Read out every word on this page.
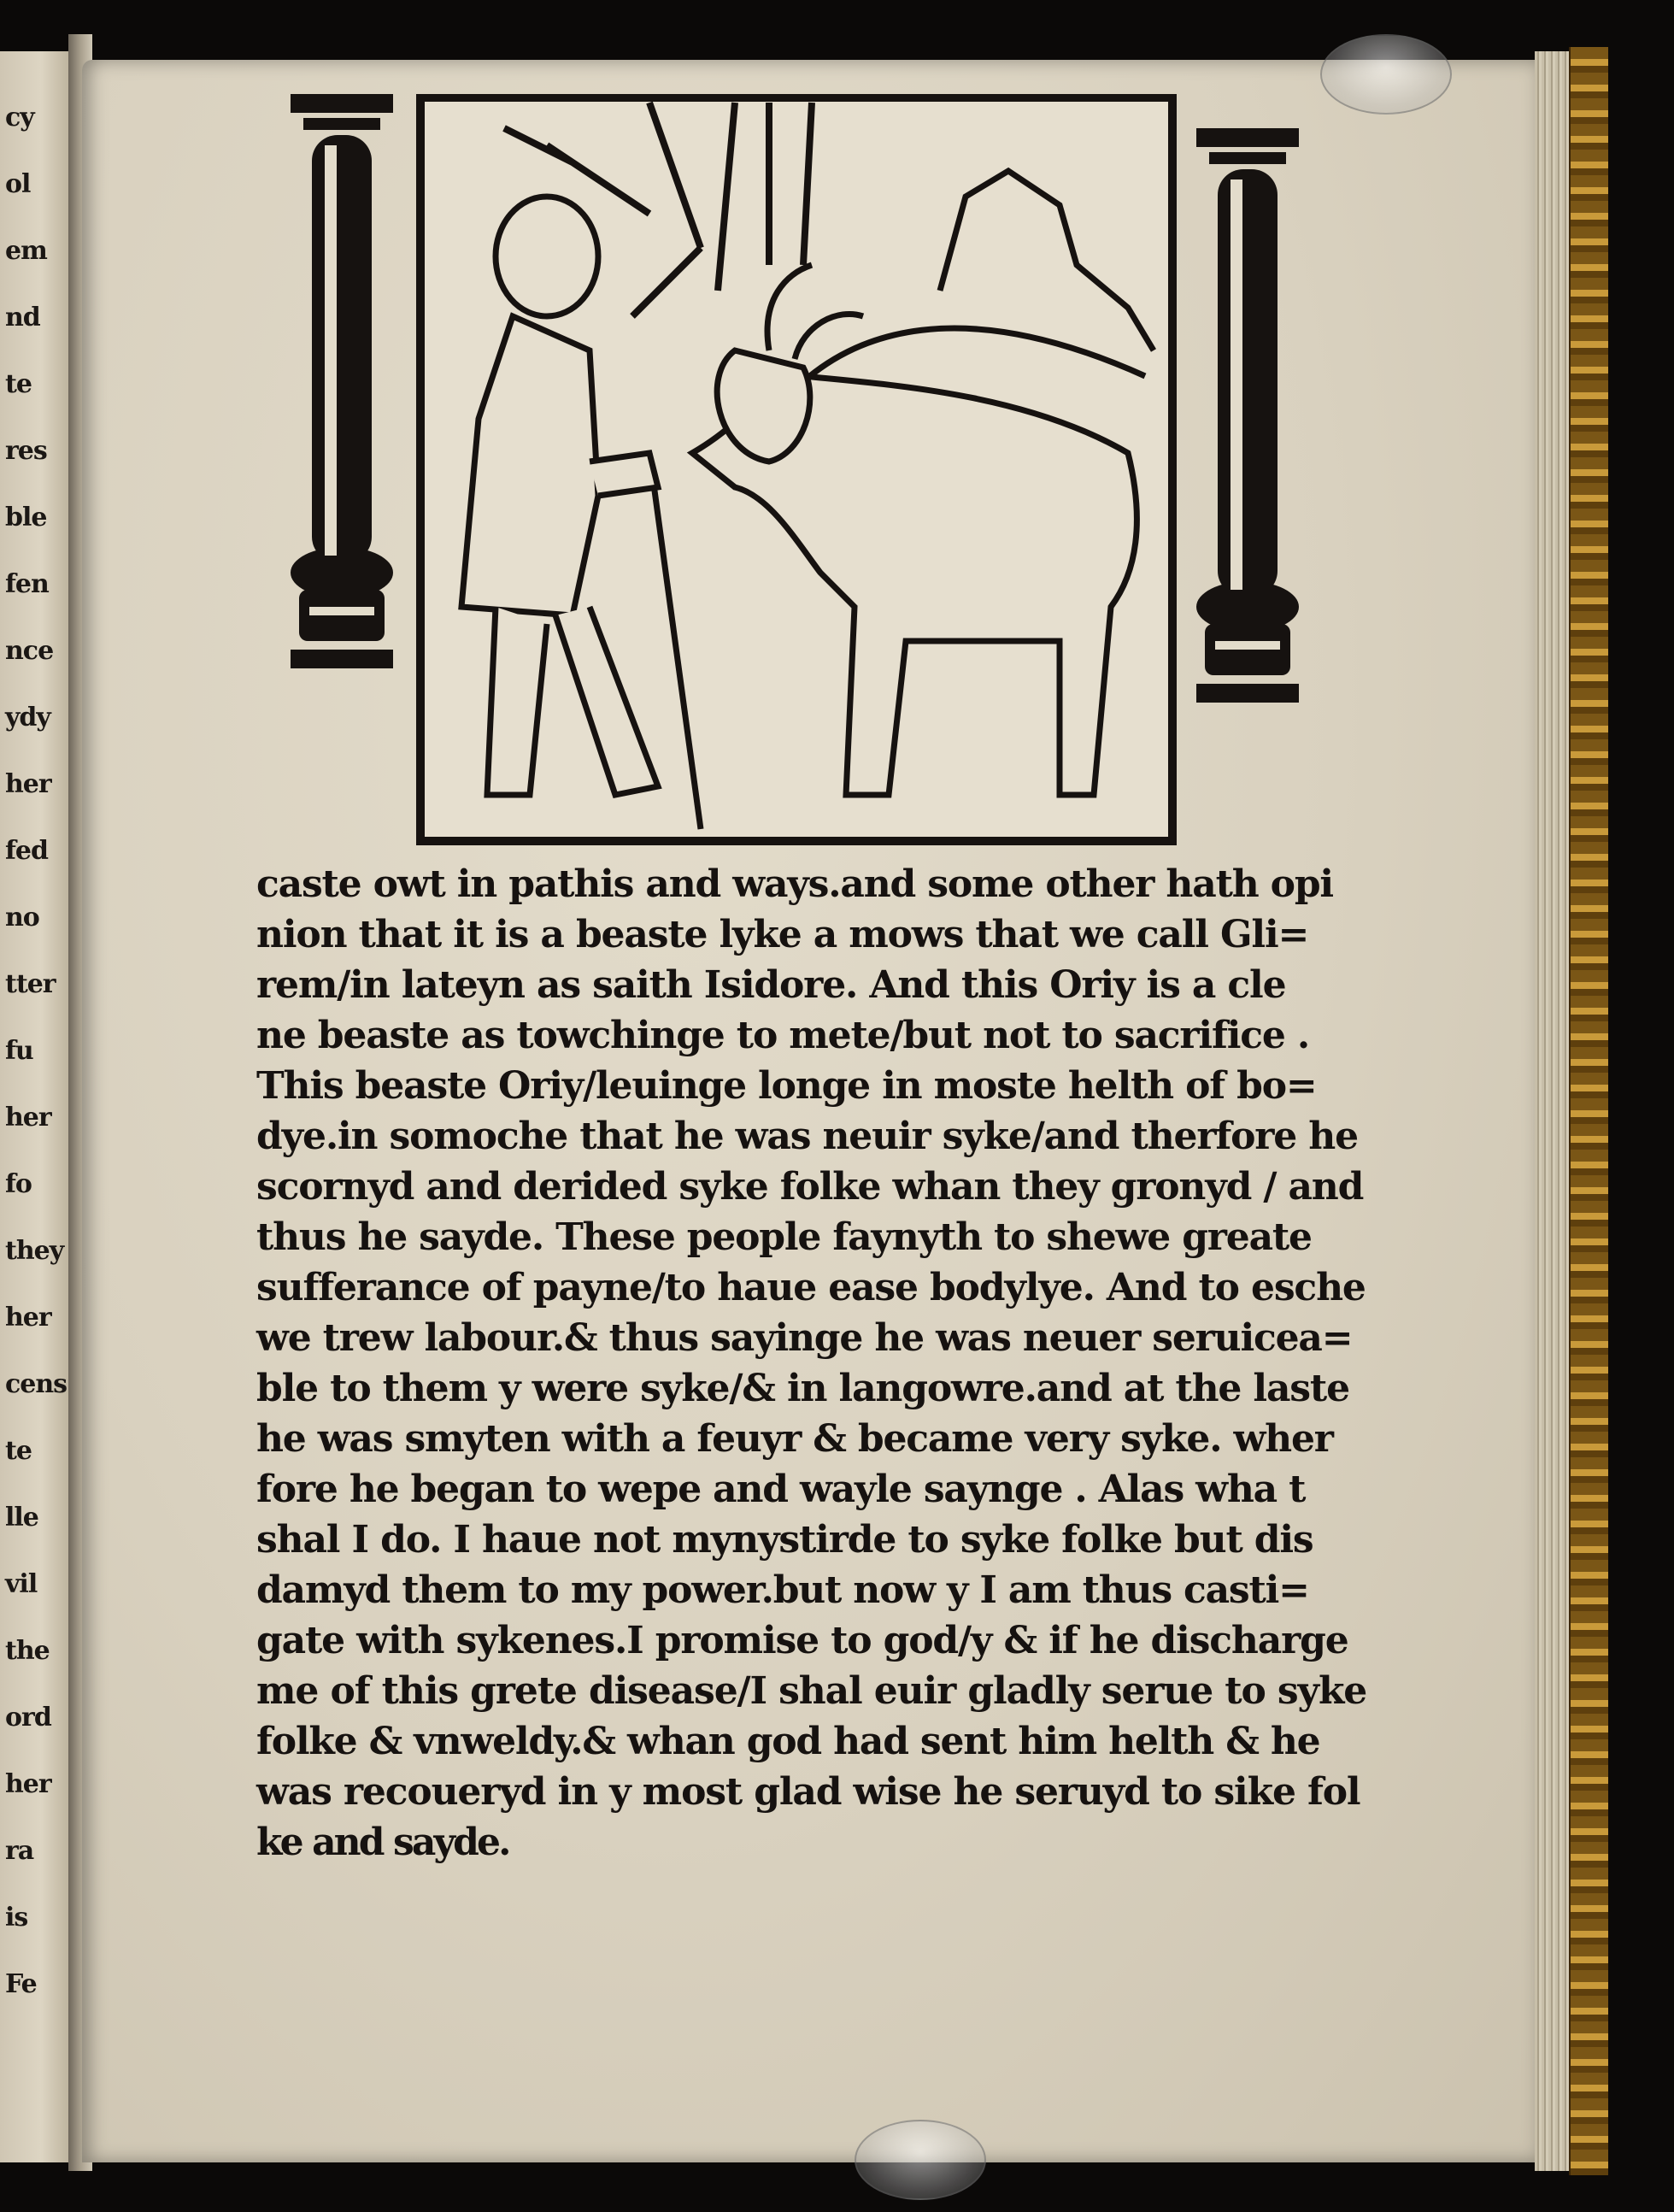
cy
ol
em
nd
te
res
ble
fen
nce
ydy
her
fed
no
tter
fu
her
fo
they
her
cens
te
lle
vil
the
ord
her
ra
is
Fe
caste owt in pathis and ways.and some other hath opi
nion that it is a beaste lyke a mows that we call Gli=
rem/in lateyn as saith Isidore. And this Oriy is a cle
ne beaste as towchinge to mete/but not to sacrifice .
This beaste Oriy/leuinge longe in moste helth of bo=
dye.in somoche that he was neuir syke/and therfore he
scornyd and derided syke folke whan they gronyd / and
thus he sayde. These people faynyth to shewe greate
sufferance of payne/to haue ease bodylye. And to esche
we trew labour.& thus sayinge he was neuer seruicea=
ble to them y were syke/& in langowre.and at the laste
he was smyten with a feuyr & became very syke. wher
fore he began to wepe and wayle saynge . Alas wha t
shal I do. I haue not mynystirde to syke folke but dis
damyd them to my power.but now y I am thus casti=
gate with sykenes.I promise to god/y & if he discharge
me of this grete disease/I shal euir gladly serue to syke
folke & vnweldy.& whan god had sent him helth & he
was recoueryd in y most glad wise he seruyd to sike fol
ke and sayde.
